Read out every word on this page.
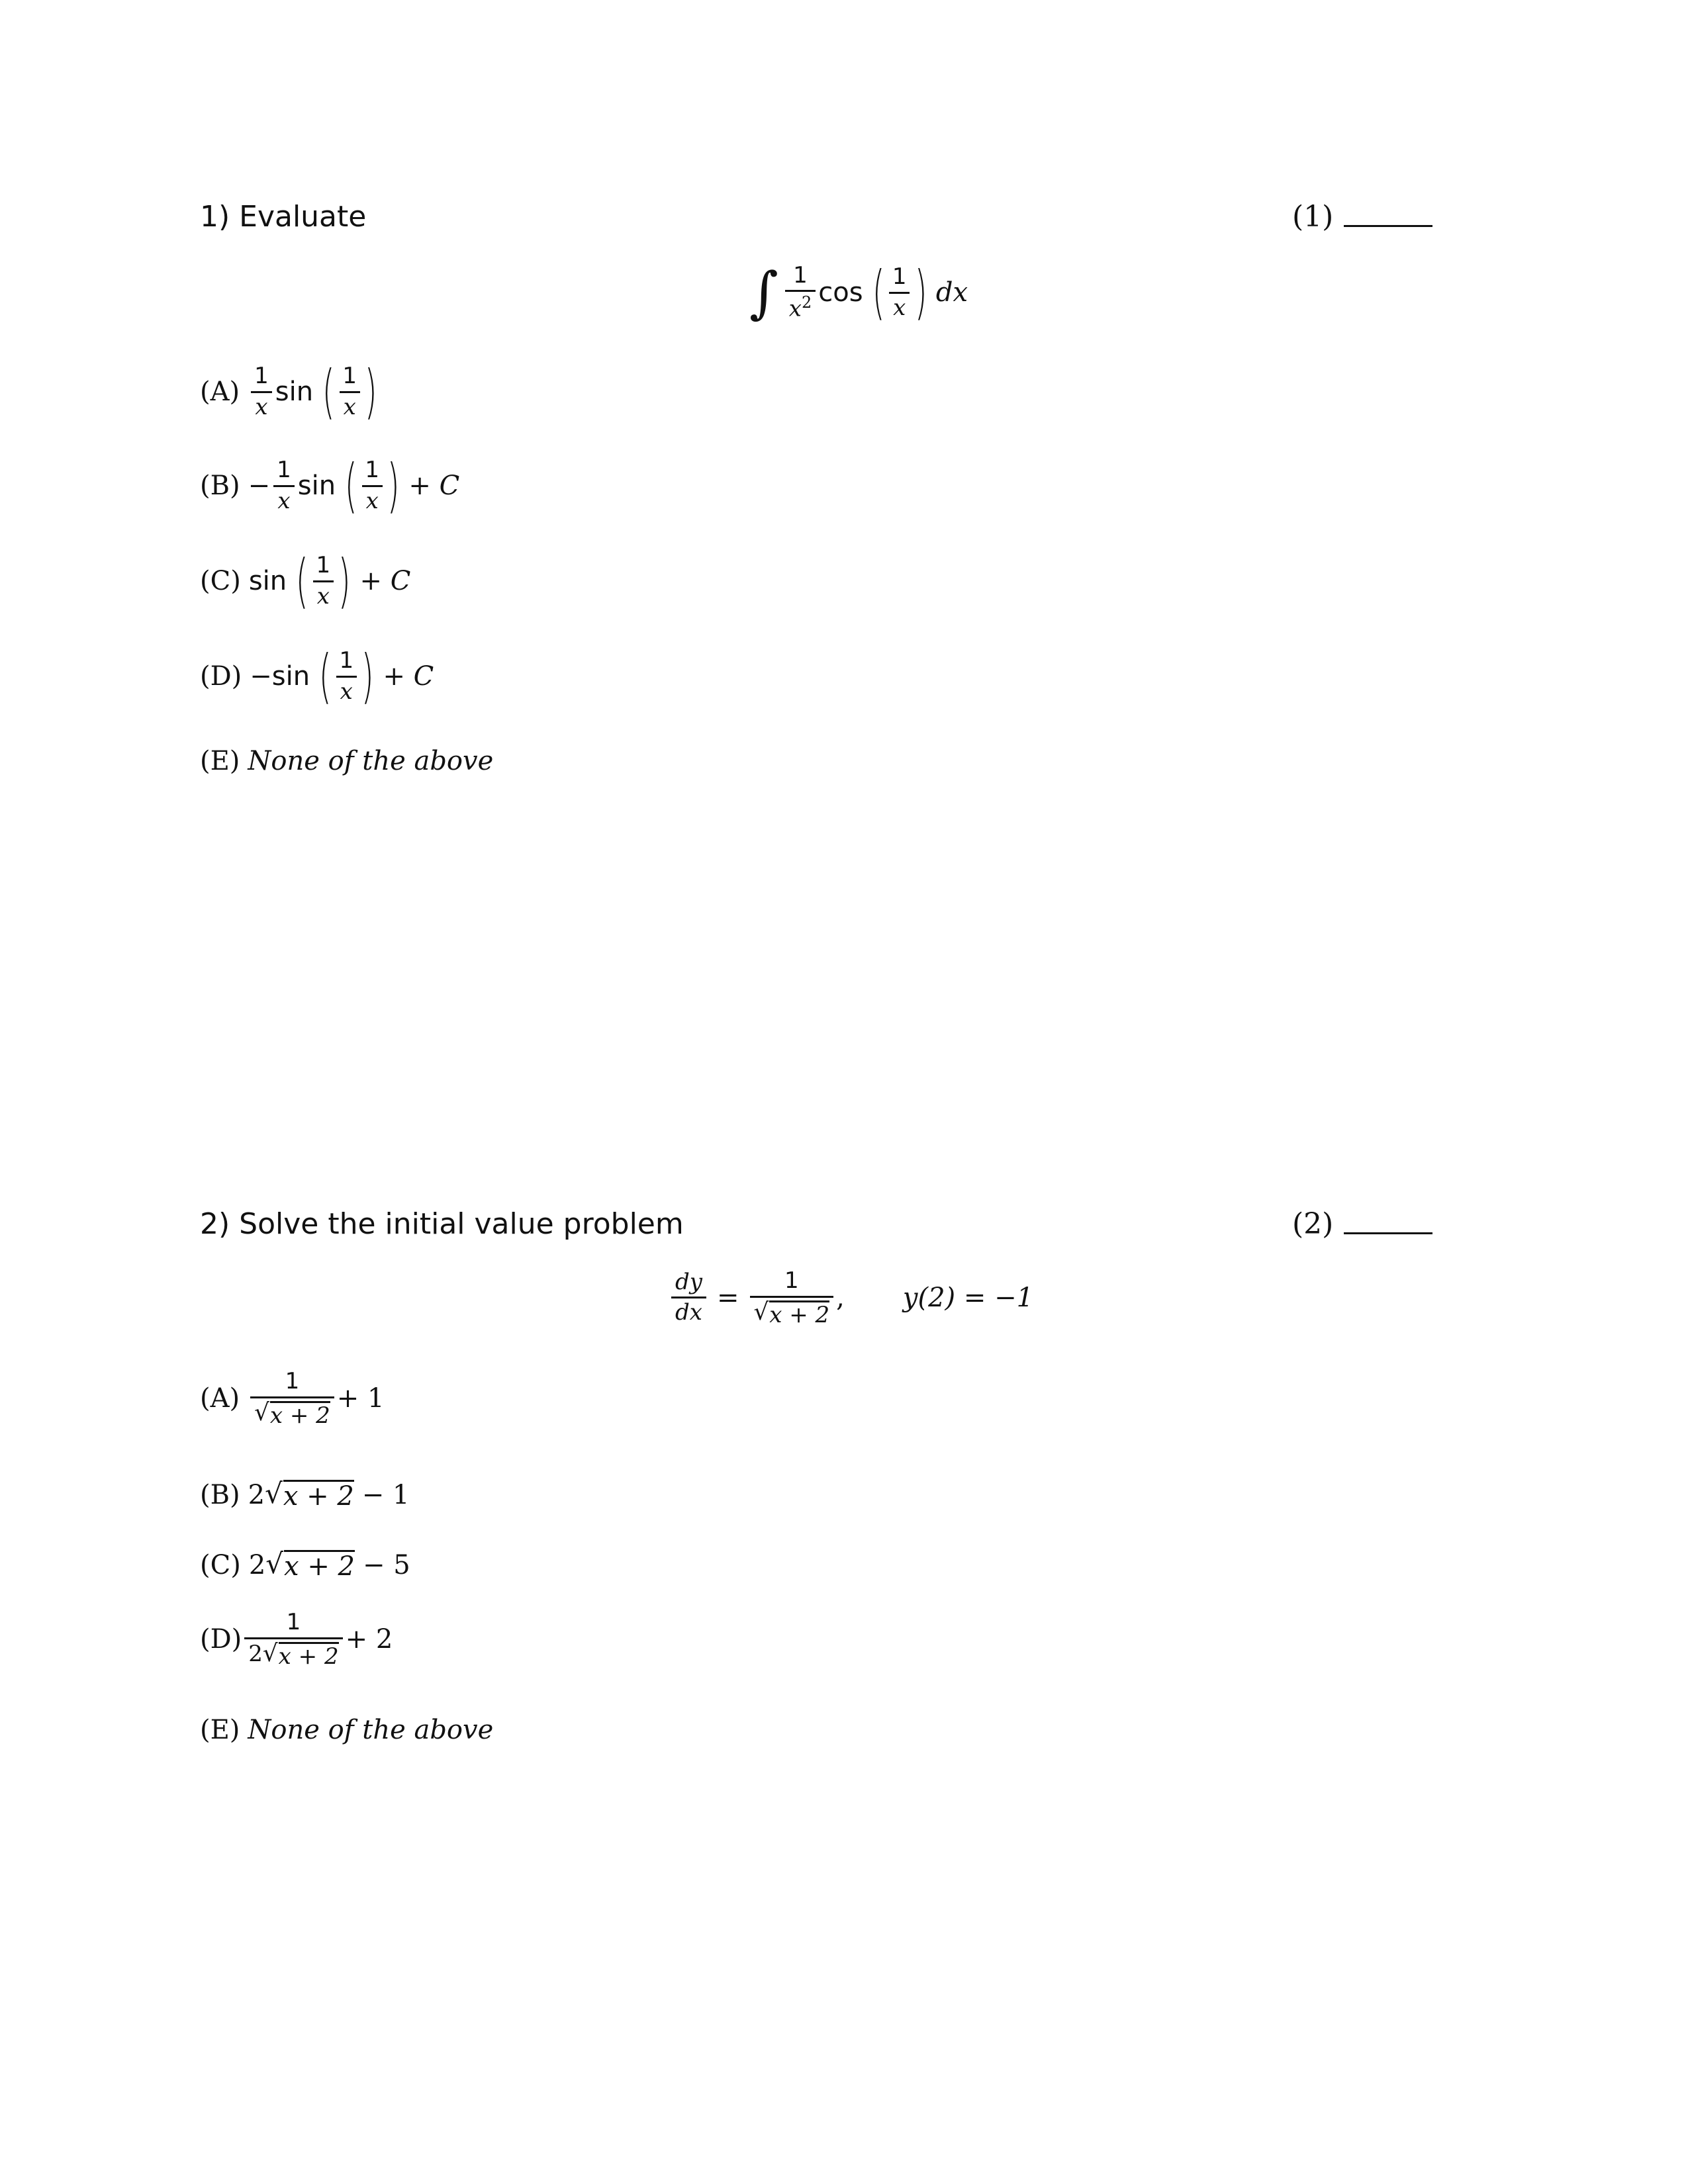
1) Evaluate	(1)
∫ $\frac{1}{x^2}$ cos ( $\frac{1}{x}$ ) dx
$(A) \frac{1}{x}$ sin ( $\frac{1}{x}$ )
$(B) - \frac{1}{x}$ sin ( $\frac{1}{x}$ ) + C
(C) sin ( $\frac{1}{x}$ ) + C
(D) − sin ( $\frac{1}{x}$ ) + C
(E) None of the above
2) Solve the initial value problem	(2)
$\frac{dy}{dx} = \frac{1}{√ x + 2}$ , y(2) = −1
$(A) \frac{1}{√ x + 2} + 1$
(B) 2 √ x + 2 − 1
(C) 2 √ x + 2 − 5
$(D) \frac{1}{2 √ x + 2} + 2$
(E) None of the above
